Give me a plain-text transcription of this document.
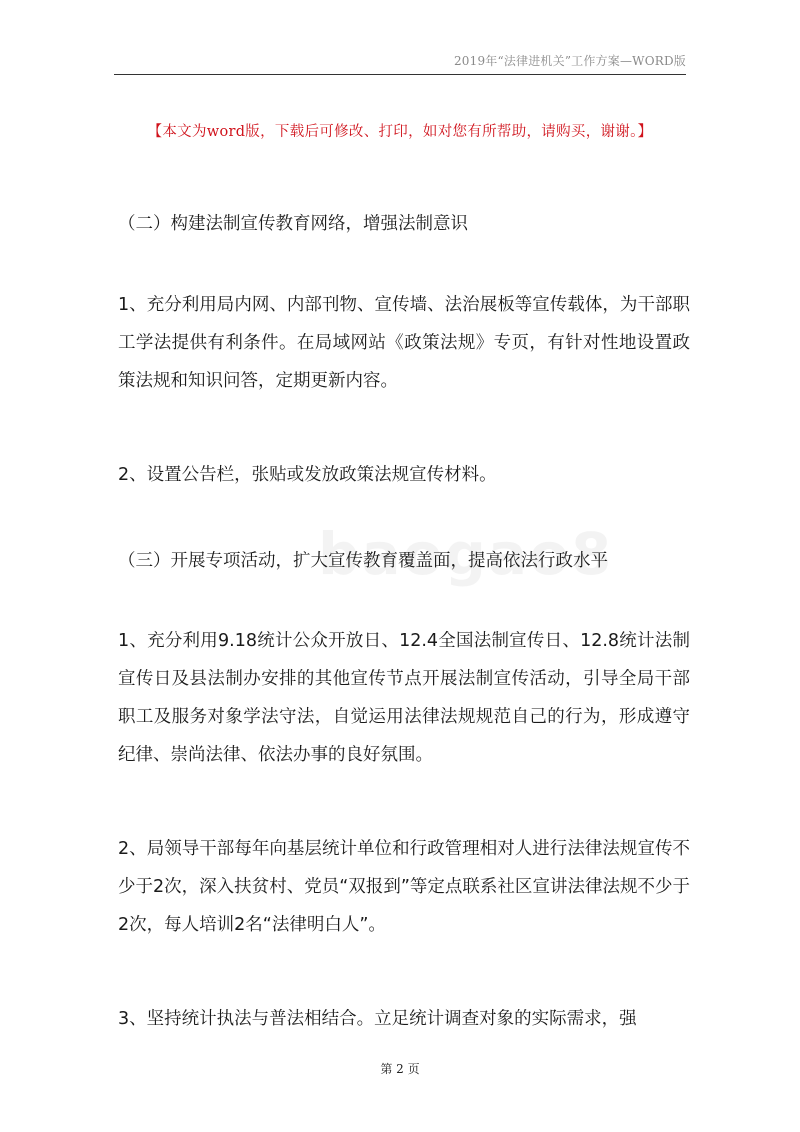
2019年“法律进机关”工作方案—WORD版
【本文为word版，下载后可修改、打印，如对您有所帮助，请购买，谢谢。】

（二）构建法制宣传教育网络，增强法制意识

1、充分利用局内网、内部刊物、宣传墙、法治展板等宣传载体，为干部职工学法提供有利条件。在局域网站《政策法规》专页，有针对性地设置政策法规和知识问答，定期更新内容。

2、设置公告栏，张贴或发放政策法规宣传材料。

（三）开展专项活动，扩大宣传教育覆盖面，提高依法行政水平

1、充分利用9.18统计公众开放日、12.4全国法制宣传日、12.8统计法制宣传日及县法制办安排的其他宣传节点开展法制宣传活动，引导全局干部职工及服务对象学法守法，自觉运用法律法规规范自己的行为，形成遵守纪律、崇尚法律、依法办事的良好氛围。

2、局领导干部每年向基层统计单位和行政管理相对人进行法律法规宣传不少于2次，深入扶贫村、党员“双报到”等定点联系社区宣讲法律法规不少于2次，每人培训2名“法律明白人”。

3、坚持统计执法与普法相结合。立足统计调查对象的实际需求，强

第 2 页
